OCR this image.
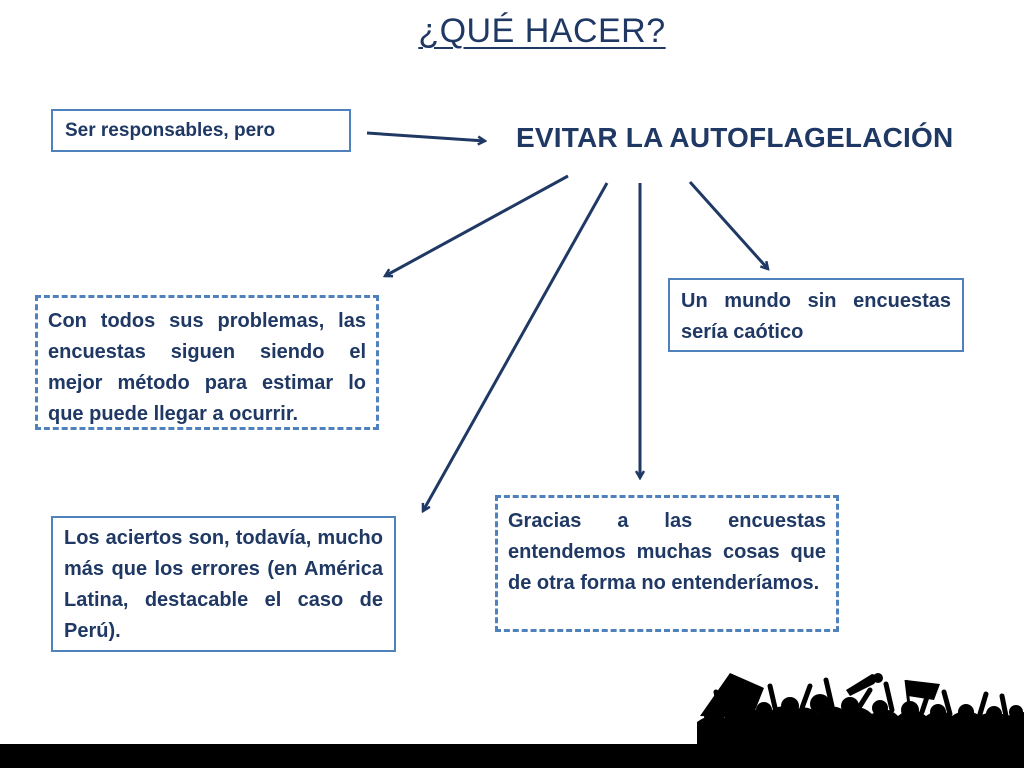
¿QUÉ HACER?
Ser responsables, pero	EVITAR LA AUTOFLAGELACIÓN
Con todos sus problemas, las encuestas siguen siendo el mejor método para estimar lo que puede llegar a ocurrir.
Un mundo sin encuestas sería caótico
Los aciertos son, todavía, mucho más que los errores (en América Latina, destacable el caso de Perú).
Gracias a las encuestas entendemos muchas cosas que de otra forma no entenderíamos.
